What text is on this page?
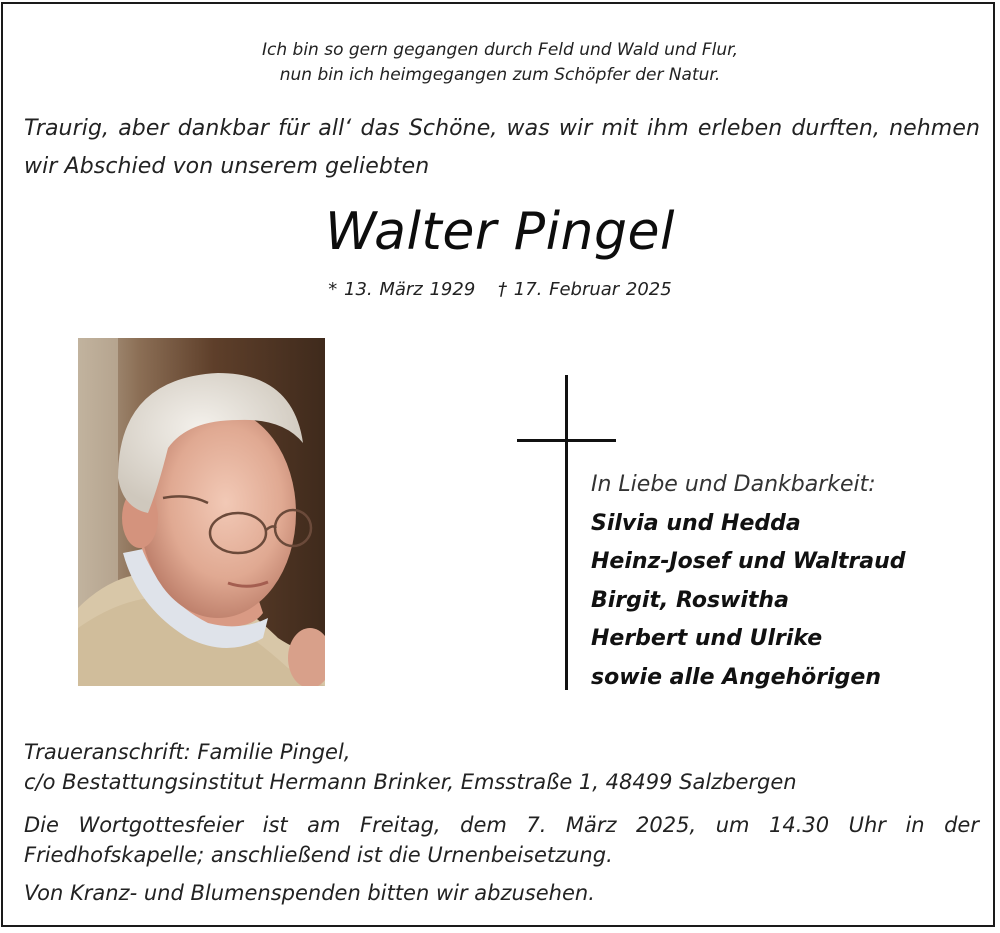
Ich bin so gern gegangen durch Feld und Wald und Flur,
nun bin ich heimgegangen zum Schöpfer der Natur.
Traurig, aber dankbar für all‘ das Schöne, was wir mit ihm erleben durften, nehmen wir Abschied von unserem geliebten
Walter Pingel
* 13. März 1929 † 17. Februar 2025
In Liebe und Dankbarkeit:
Silvia und Hedda
Heinz-Josef und Waltraud
Birgit, Roswitha
Herbert und Ulrike
sowie alle Angehörigen
Traueranschrift: Familie Pingel,
c/o Bestattungsinstitut Hermann Brinker, Emsstraße 1, 48499 Salzbergen
Die Wortgottesfeier ist am Freitag, dem 7. März 2025, um 14.30 Uhr in der Friedhofskapelle; anschließend ist die Urnenbeisetzung.
Von Kranz- und Blumenspenden bitten wir abzusehen.
